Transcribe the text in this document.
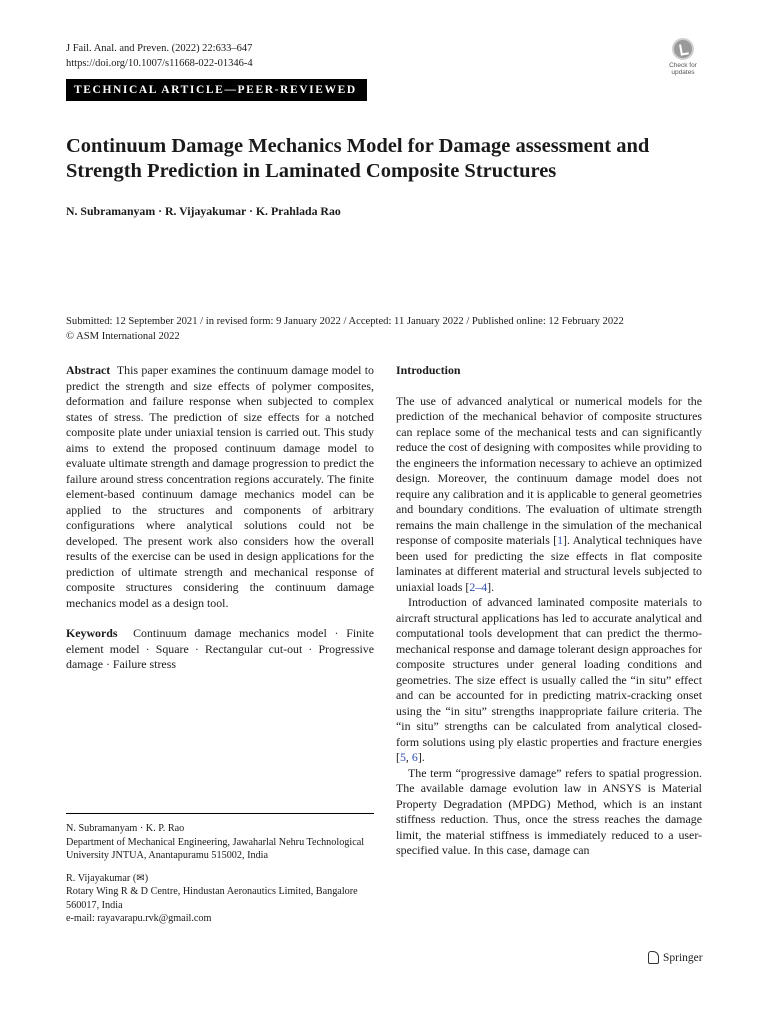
J Fail. Anal. and Preven. (2022) 22:633–647
https://doi.org/10.1007/s11668-022-01346-4	Check for updates
TECHNICAL ARTICLE—PEER-REVIEWED
Continuum Damage Mechanics Model for Damage assessment and Strength Prediction in Laminated Composite Structures
N. Subramanyam · R. Vijayakumar · K. Prahlada Rao
Submitted: 12 September 2021 / in revised form: 9 January 2022 / Accepted: 11 January 2022 / Published online: 12 February 2022
© ASM International 2022

Abstract This paper examines the continuum damage model to predict the strength and size effects of polymer composites, deformation and failure response when subjected to complex states of stress. The prediction of size effects for a notched composite plate under uniaxial tension is carried out. This study aims to extend the proposed continuum damage model to evaluate ultimate strength and damage progression to predict the failure around stress concentration regions accurately. The finite element-based continuum damage mechanics model can be applied to the structures and components of arbitrary configurations where analytical solutions could not be developed. The present work also considers how the overall results of the exercise can be used in design applications for the prediction of ultimate strength and mechanical response of composite structures considering the continuum damage mechanics model as a design tool.

Keywords Continuum damage mechanics model · Finite element model · Square · Rectangular cut-out · Progressive damage · Failure stress

N. Subramanyam · K. P. Rao

Department of Mechanical Engineering, Jawaharlal Nehru Technological University JNTUA, Anantapuramu 515002, India

R. Vijayakumar (✉)

Rotary Wing R & D Centre, Hindustan Aeronautics Limited, Bangalore 560017, India

e-mail: rayavarapu.rvk@gmail.com

Introduction

The use of advanced analytical or numerical models for the prediction of the mechanical behavior of composite structures can replace some of the mechanical tests and can significantly reduce the cost of designing with composites while providing to the engineers the information necessary to achieve an optimized design. Moreover, the continuum damage model does not require any calibration and it is applicable to general geometries and boundary conditions. The evaluation of ultimate strength remains the main challenge in the simulation of the mechanical response of composite materials [1]. Analytical techniques have been used for predicting the size effects in flat composite laminates at different material and structural levels subjected to uniaxial loads [2–4].

Introduction of advanced laminated composite materials to aircraft structural applications has led to accurate analytical and computational tools development that can predict the thermo-mechanical response and damage tolerant design approaches for composite structures under general loading conditions and geometries. The size effect is usually called the “in situ” effect and can be accounted for in predicting matrix-cracking onset using the “in situ” strengths inappropriate failure criteria. The “in situ” strengths can be calculated from analytical closed-form solutions using ply elastic properties and fracture energies [5, 6].

The term “progressive damage” refers to spatial progression. The available damage evolution law in ANSYS is Material Property Degradation (MPDG) Method, which is an instant stiffness reduction. Thus, once the stress reaches the damage limit, the material stiffness is immediately reduced to a user-specified value. In this case, damage can

Springer
